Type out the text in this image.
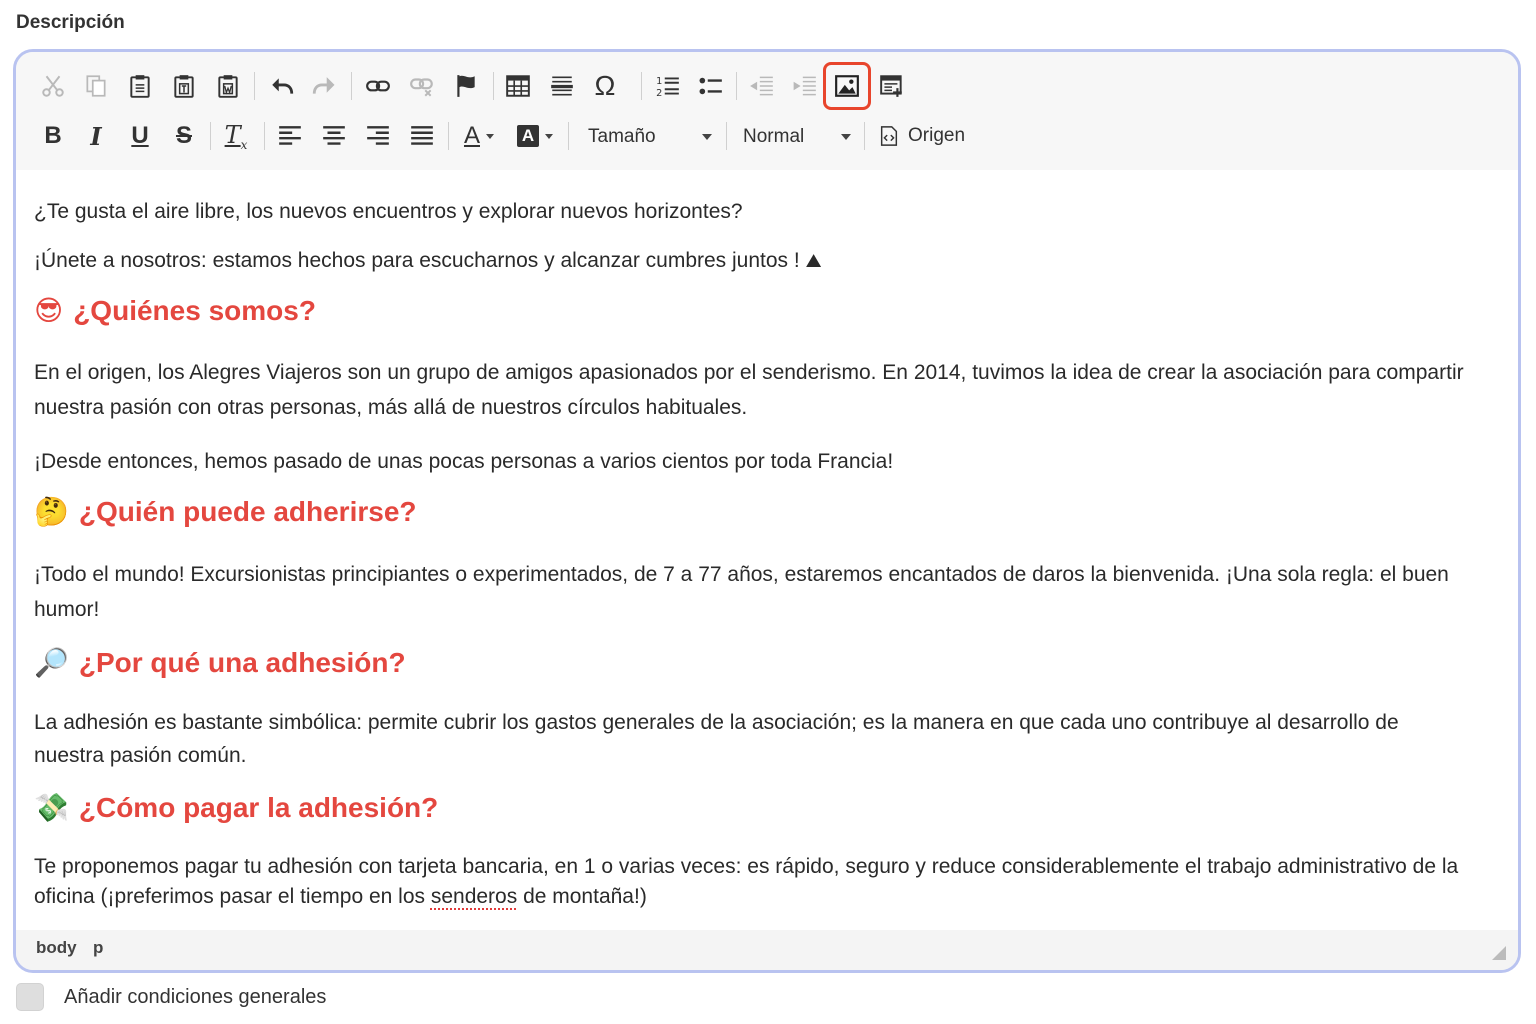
Descripción
Ω	1
2
B I U S $T_x$	A A	Tamaño	Normal	Origen

¿Te gusta el aire libre, los nuevos encuentros y explorar nuevos horizontes?

¡Únete a nosotros: estamos hechos para escucharnos y alcanzar cumbres juntos ! ⛰

😎 ¿Quiénes somos?

En el origen, los Alegres Viajeros son un grupo de amigos apasionados por el senderismo. En 2014, tuvimos la idea de crear la asociación para compartir nuestra pasión con otras personas, más allá de nuestros círculos habituales.

¡Desde entonces, hemos pasado de unas pocas personas a varios cientos por toda Francia!

🤔 ¿Quién puede adherirse?

¡Todo el mundo! Excursionistas principiantes o experimentados, de 7 a 77 años, estaremos encantados de daros la bienvenida. ¡Una sola regla: el buen humor!

🔎 ¿Por qué una adhesión?

La adhesión es bastante simbólica: permite cubrir los gastos generales de la asociación; es la manera en que cada uno contribuye al desarrollo de nuestra pasión común.

💸 ¿Cómo pagar la adhesión?

Te proponemos pagar tu adhesión con tarjeta bancaria, en 1 o varias veces: es rápido, seguro y reduce considerablemente el trabajo administrativo de la oficina (¡preferimos pasar el tiempo en los senderos de montaña!)

body p
Añadir condiciones generales
